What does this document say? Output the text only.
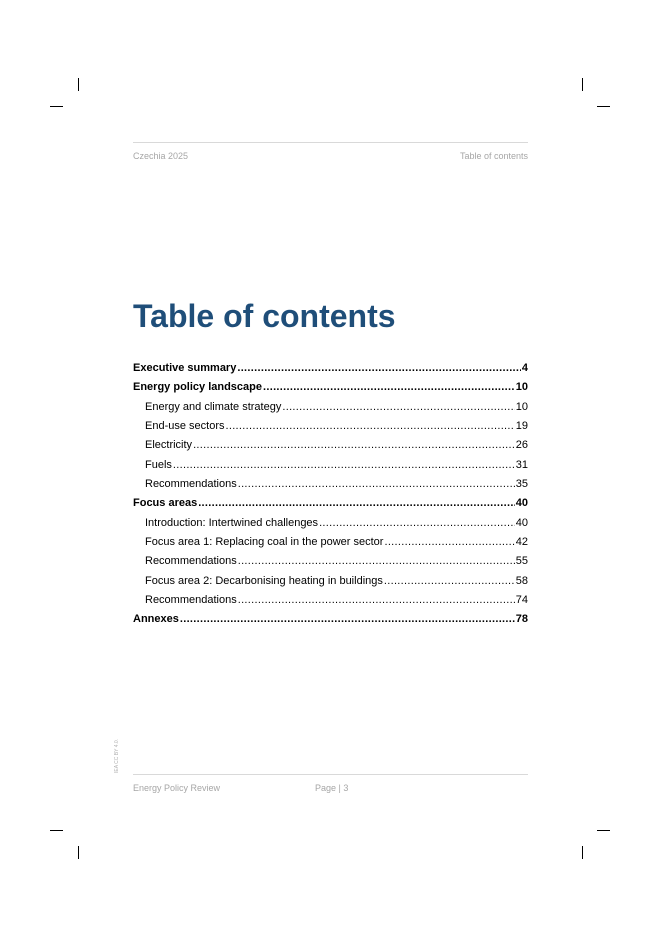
Czechia 2025	Table of contents
Table of contents
Executive summary .....	4
Energy policy landscape .....	10
Energy and climate strategy .....	10
End-use sectors .....	19
Electricity .....	26
Fuels .....	31
Recommendations .....	35
Focus areas .....	40
Introduction: Intertwined challenges .....	40
Focus area 1: Replacing coal in the power sector .....	42
Recommendations .....	55
Focus area 2: Decarbonising heating in buildings .....	58
Recommendations .....	74
Annexes .....	78
IEA CC BY 4.0.
Energy Policy Review	Page | 3
